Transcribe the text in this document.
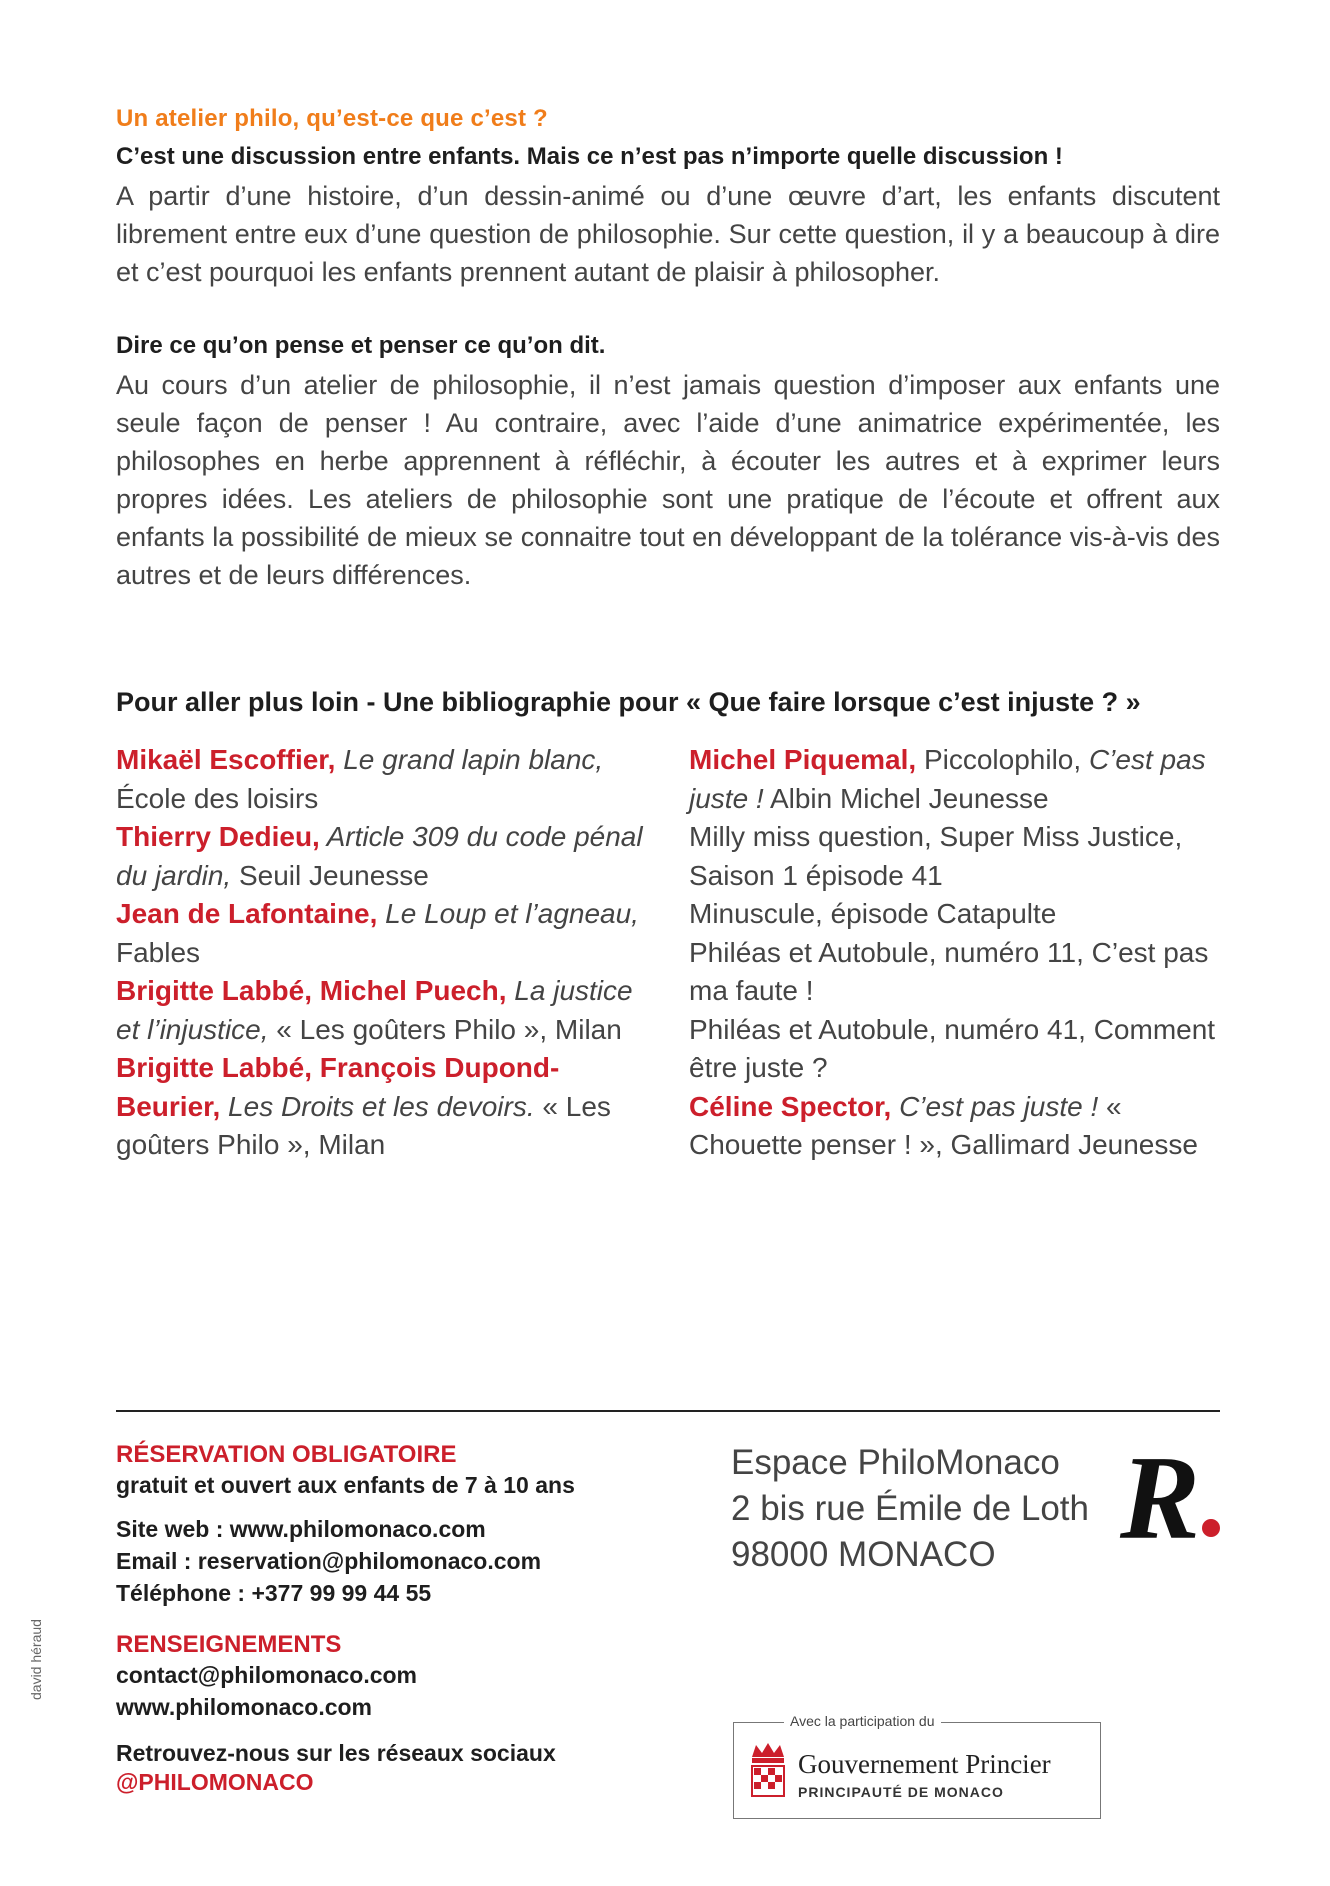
Un atelier philo, qu’est-ce que c’est ?
C’est une discussion entre enfants. Mais ce n’est pas n’importe quelle discussion !
A partir d’une histoire, d’un dessin-animé ou d’une œuvre d’art, les enfants discutent librement entre eux d’une question de philosophie. Sur cette question, il y a beaucoup à dire et c’est pourquoi les enfants prennent autant de plaisir à philosopher.
Dire ce qu’on pense et penser ce qu’on dit.
Au cours d’un atelier de philosophie, il n’est jamais question d’imposer aux enfants une seule façon de penser ! Au contraire, avec l’aide d’une animatrice expérimentée, les philosophes en herbe apprennent à réfléchir, à écouter les autres et à exprimer leurs propres idées. Les ateliers de philosophie sont une pratique de l’écoute et offrent aux enfants la possibilité de mieux se connaitre tout en développant de la tolérance vis-à-vis des autres et de leurs différences.
Pour aller plus loin - Une bibliographie pour « Que faire lorsque c’est injuste ? »

Mikaël Escoffier, Le grand lapin blanc, École des loisirs

Thierry Dedieu, Article 309 du code pénal du jardin, Seuil Jeunesse

Jean de Lafontaine, Le Loup et l’agneau, Fables

Brigitte Labbé, Michel Puech, La justice et l’injustice, « Les goûters Philo », Milan

Brigitte Labbé, François Dupond-Beurier, Les Droits et les devoirs. « Les goûters Philo », Milan

Michel Piquemal, Piccolophilo, C’est pas juste ! Albin Michel Jeunesse

Milly miss question, Super Miss Justice, Saison 1 épisode 41

Minuscule, épisode Catapulte

Philéas et Autobule, numéro 11, C’est pas ma faute !

Philéas et Autobule, numéro 41, Comment être juste ?

Céline Spector, C’est pas juste ! « Chouette penser ! », Gallimard Jeunesse

RÉSERVATION OBLIGATOIRE
gratuit et ouvert aux enfants de 7 à 10 ans
Site web : www.philomonaco.com
Email : reservation@philomonaco.com
Téléphone : +377 99 99 44 55
RENSEIGNEMENTS
contact@philomonaco.com
www.philomonaco.com
Retrouvez-nous sur les réseaux sociaux
@PHILOMONACO
Espace PhiloMonaco
2 bis rue Émile de Loth
98000 MONACO	R
Avec la participation du
Gouvernement Princier
PRINCIPAUTÉ DE MONACO
david héraud
